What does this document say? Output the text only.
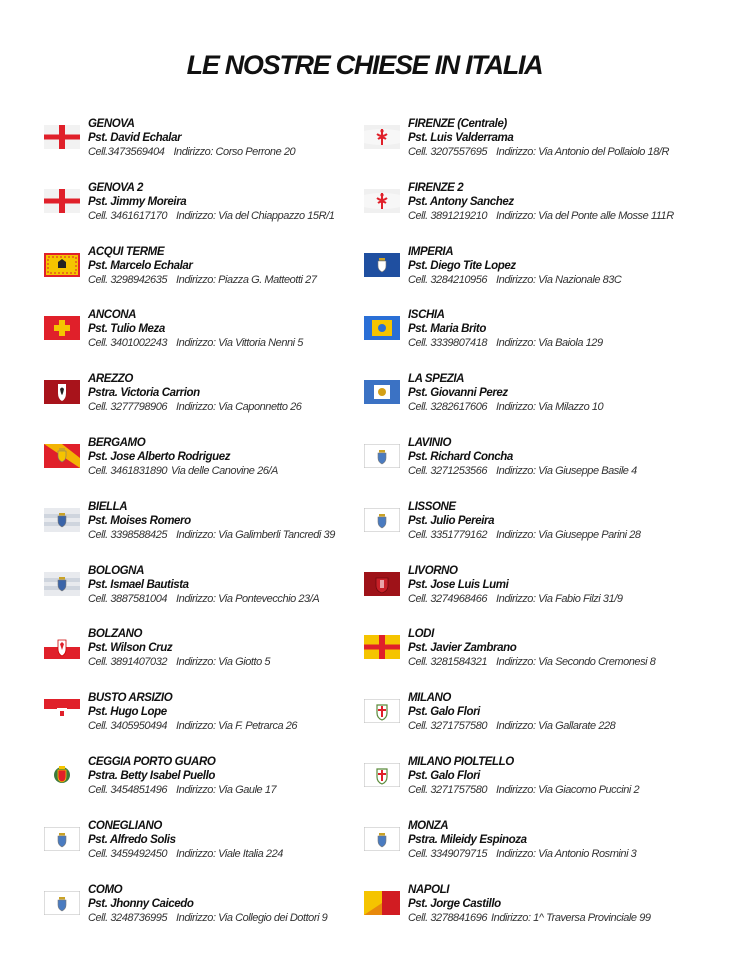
LE NOSTRE CHIESE IN ITALIA
GENOVA
Pst. David Echalar
Cell.3473569404 Indirizzo: Corso Perrone 20
GENOVA 2
Pst. Jimmy Moreira
Cell. 3461617170 Indirizzo: Via del Chiappazzo 15R/1
ACQUI TERME
Pst. Marcelo Echalar
Cell. 3298942635 Indirizzo: Piazza G. Matteotti 27
ANCONA
Pst. Tulio Meza
Cell. 3401002243 Indirizzo: Via Vittoria Nenni 5
AREZZO
Pstra. Victoria Carrion
Cell. 3277798906 Indirizzo: Via Caponnetto 26
BERGAMO
Pst. Jose Alberto Rodriguez
Cell. 3461831890 Via delle Canovine 26/A
BIELLA
Pst. Moises Romero
Cell. 3398588425 Indirizzo: Via Galimberli Tancredi 39
BOLOGNA
Pst. Ismael Bautista
Cell. 3887581004 Indirizzo: Via Pontevecchio 23/A
BOLZANO
Pst. Wilson Cruz
Cell. 3891407032 Indirizzo: Via Giotto 5
BUSTO ARSIZIO
Pst. Hugo Lope
Cell. 3405950494 Indirizzo: Via F. Petrarca 26
CEGGIA PORTO GUARO
Pstra. Betty Isabel Puello
Cell. 3454851496 Indirizzo: Via Gaule 17
CONEGLIANO
Pst. Alfredo Solis
Cell. 3459492450 Indirizzo: Viale Italia 224
COMO
Pst. Jhonny Caicedo
Cell. 3248736995 Indirizzo: Via Collegio dei Dottori 9
FIRENZE (Centrale)
Pst. Luis Valderrama
Cell. 3207557695 Indirizzo: Via Antonio del Pollaiolo 18/R
FIRENZE 2
Pst. Antony Sanchez
Cell. 3891219210 Indirizzo: Via del Ponte alle Mosse 111R
IMPERIA
Pst. Diego Tite Lopez
Cell. 3284210956 Indirizzo: Via Nazionale 83C
ISCHIA
Pst. Maria Brito
Cell. 3339807418 Indirizzo: Via Baiola 129
LA SPEZIA
Pst. Giovanni Perez
Cell. 3282617606 Indirizzo: Via Milazzo 10
LAVINIO
Pst. Richard Concha
Cell. 3271253566 Indirizzo: Via Giuseppe Basile 4
LISSONE
Pst. Julio Pereira
Cell. 3351779162 Indirizzo: Via Giuseppe Parini 28
LIVORNO
Pst. Jose Luis Lumi
Cell. 3274968466 Indirizzo: Via Fabio Filzi 31/9
LODI
Pst. Javier Zambrano
Cell. 3281584321 Indirizzo: Via Secondo Cremonesi 8
MILANO
Pst. Galo Flori
Cell. 3271757580 Indirizzo: Via Gallarate 228
MILANO PIOLTELLO
Pst. Galo Flori
Cell. 3271757580 Indirizzo: Via Giacomo Puccini 2
MONZA
Pstra. Mileidy Espinoza
Cell. 3349079715 Indirizzo: Via Antonio Rosmini 3
NAPOLI
Pst. Jorge Castillo
Cell. 3278841696 Indirizzo: 1^ Traversa Provinciale 99
